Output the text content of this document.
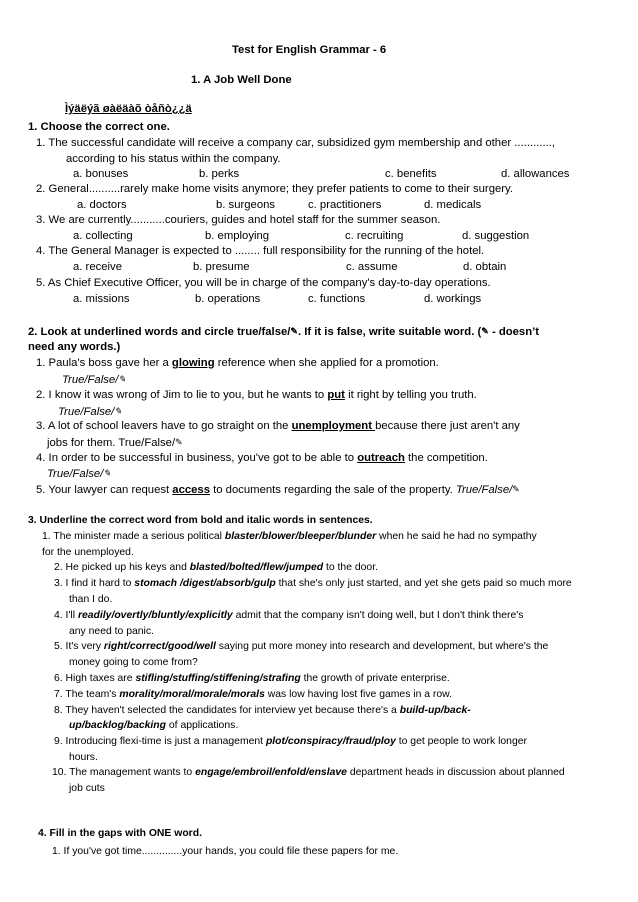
Test for English Grammar - 6
1. A Job Well Done
Ìýäëýã øàëäàõ òåñò¿¿ä
1. Choose the correct one.
1. The successful candidate will receive a company car, subsidized gym membership and other ............,
according to his status within the company.
a. bonuses	b. perks	c. benefits	d. allowances
2. General..........rarely make home visits anymore; they prefer patients to come to their surgery.
a. doctors	b. surgeons	c. practitioners	d. medicals
3. We are currently...........couriers, guides and hotel staff for the summer season.
a. collecting	b. employing	c. recruiting	d. suggestion
4. The General Manager is expected to ........ full responsibility for the running of the hotel.
a. receive	b. presume	c. assume	d. obtain
5. As Chief Executive Officer, you will be in charge of the company's day-to-day operations.
a. missions	b. operations	c. functions	d. workings
2. Look at underlined words and circle true/false/✎. If it is false, write suitable word. (✎ - doesn’t
need any words.)
1. Paula's boss gave her a glowing reference when she applied for a promotion.
True/False/✎
2. I know it was wrong of Jim to lie to you, but he wants to put it right by telling you truth.
True/False/✎
3. A lot of school leavers have to go straight on the unemployment because there just aren't any
jobs for them. True/False/✎
4. In order to be successful in business, you've got to be able to outreach the competition.
True/False/✎
5. Your lawyer can request access to documents regarding the sale of the property. True/False/✎
3. Underline the correct word from bold and italic words in sentences.
1. The minister made a serious political blaster/blower/bleeper/blunder when he said he had no sympathy
for the unemployed.
2. He picked up his keys and blasted/bolted/flew/jumped to the door.
3. I find it hard to stomach /digest/absorb/gulp that she's only just started, and yet she gets paid so much more
than I do.
4. I'll readily/overtly/bluntly/explicitly admit that the company isn't doing well, but I don't think there's
any need to panic.
5. It's very right/correct/good/well saying put more money into research and development, but where's the
money going to come from?
6. High taxes are stifling/stuffing/stiffening/strafing the growth of private enterprise.
7. The team's morality/moral/morale/morals was low having lost five games in a row.
8. They haven't selected the candidates for interview yet because there's a build-up/back-
up/backlog/backing of applications.
9. Introducing flexi-time is just a management plot/conspiracy/fraud/ploy to get people to work longer
hours.
10. The management wants to engage/embroil/enfold/enslave department heads in discussion about planned
job cuts
4. Fill in the gaps with ONE word.
1. If you've got time..............your hands, you could file these papers for me.
